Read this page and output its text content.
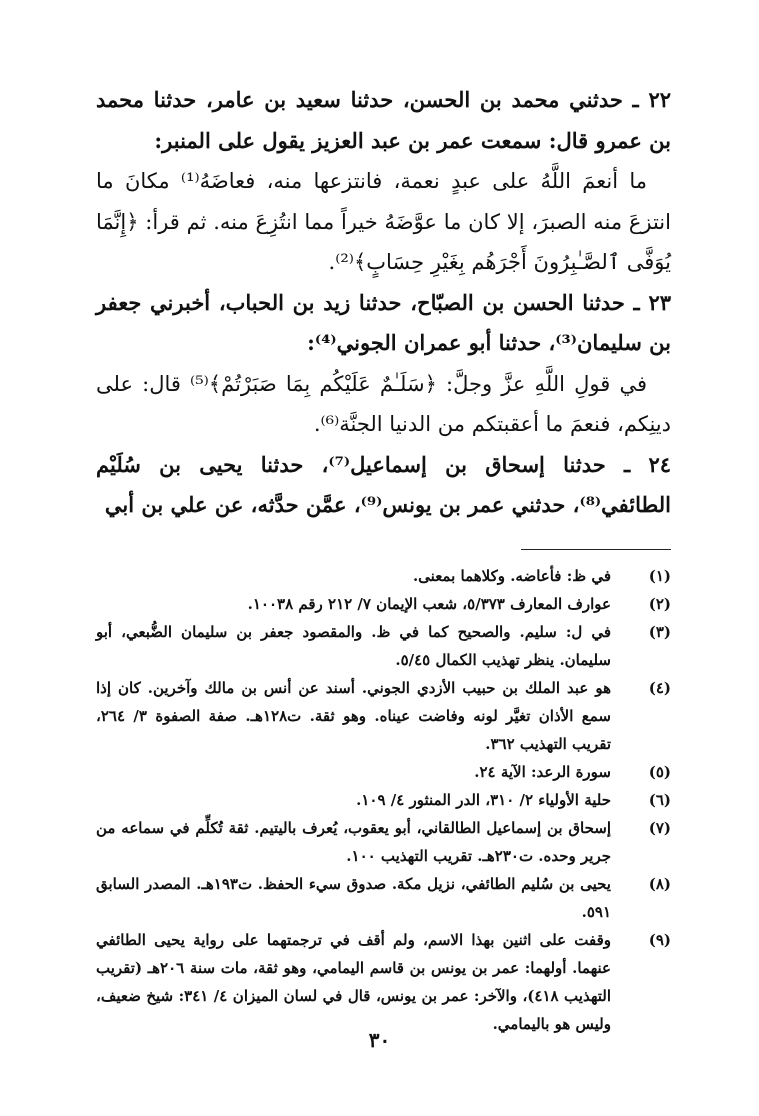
٢٢ ـ حدثني محمد بن الحسن، حدثنا سعيد بن عامر، حدثنا محمد بن عمرو قال: سمعت عمر بن عبد العزيز يقول على المنبر:

ما أنعمَ اللَّهُ على عبدٍ نعمة، فانتزعها منه، فعاضَهُ⁽¹⁾ مكانَ ما انتزعَ منه الصبرَ، إلا كان ما عوَّضَهُ خيراً مما انتُزِعَ منه. ثم قرأ: ﴿إِنَّمَا يُوَفَّى ٱلصَّـٰبِرُونَ أَجْرَهُم بِغَيْرِ حِسَابٍ﴾⁽²⁾.

٢٣ ـ حدثنا الحسن بن الصبّاح، حدثنا زيد بن الحباب، أخبرني جعفر بن سليمان⁽³⁾، حدثنا أبو عمران الجوني⁽⁴⁾:

في قولِ اللَّهِ عزَّ وجلَّ: ﴿سَلَـٰمٌ عَلَيْكُم بِمَا صَبَرْتُمْ﴾⁽⁵⁾ قال: على دينِكم، فنعمَ ما أعقبتكم من الدنيا الجنَّة⁽⁶⁾.

٢٤ ـ حدثنا إسحاق بن إسماعيل⁽⁷⁾، حدثنا يحيى بن سُلَيْم الطائفي⁽⁸⁾، حدثني عمر بن يونس⁽⁹⁾، عمَّن حدَّثه، عن علي بن أبي

(١)
في ظ: فأعاضه. وكلاهما بمعنى.
(٢)
عوارف المعارف ٥/٣٧٣، شعب الإيمان ٧/ ٢١٢ رقم ١٠٠٣٨.
(٣)
في ل: سليم. والصحيح كما في ظ. والمقصود جعفر بن سليمان الضُّبعي، أبو سليمان. ينظر تهذيب الكمال ٥/٤٥.
(٤)
هو عبد الملك بن حبيب الأزدي الجوني. أسند عن أنس بن مالك وآخرين. كان إذا سمع الأذان تغيَّر لونه وفاضت عيناه. وهو ثقة. ت١٢٨هـ. صفة الصفوة ٣/ ٢٦٤، تقريب التهذيب ٣٦٢.
(٥)
سورة الرعد: الآية ٢٤.
(٦)
حلية الأولياء ٢/ ٣١٠، الدر المنثور ٤/ ١٠٩.
(٧)
إسحاق بن إسماعيل الطالقاني، أبو يعقوب، يُعرف باليتيم. ثقة تُكلِّم في سماعه من جرير وحده. ت٢٣٠هـ. تقريب التهذيب ١٠٠.
(٨)
يحيى بن سُليم الطائفي، نزيل مكة. صدوق سيء الحفظ. ت١٩٣هـ. المصدر السابق ٥٩١.
(٩)
وقفت على اثنين بهذا الاسم، ولم أقف في ترجمتهما على رواية يحيى الطائفي عنهما. أولهما: عمر بن يونس بن قاسم اليمامي، وهو ثقة، مات سنة ٢٠٦هـ (تقريب التهذيب ٤١٨)، والآخر: عمر بن يونس، قال في لسان الميزان ٤/ ٣٤١: شيخ ضعيف، وليس هو باليمامي.
٣٠
